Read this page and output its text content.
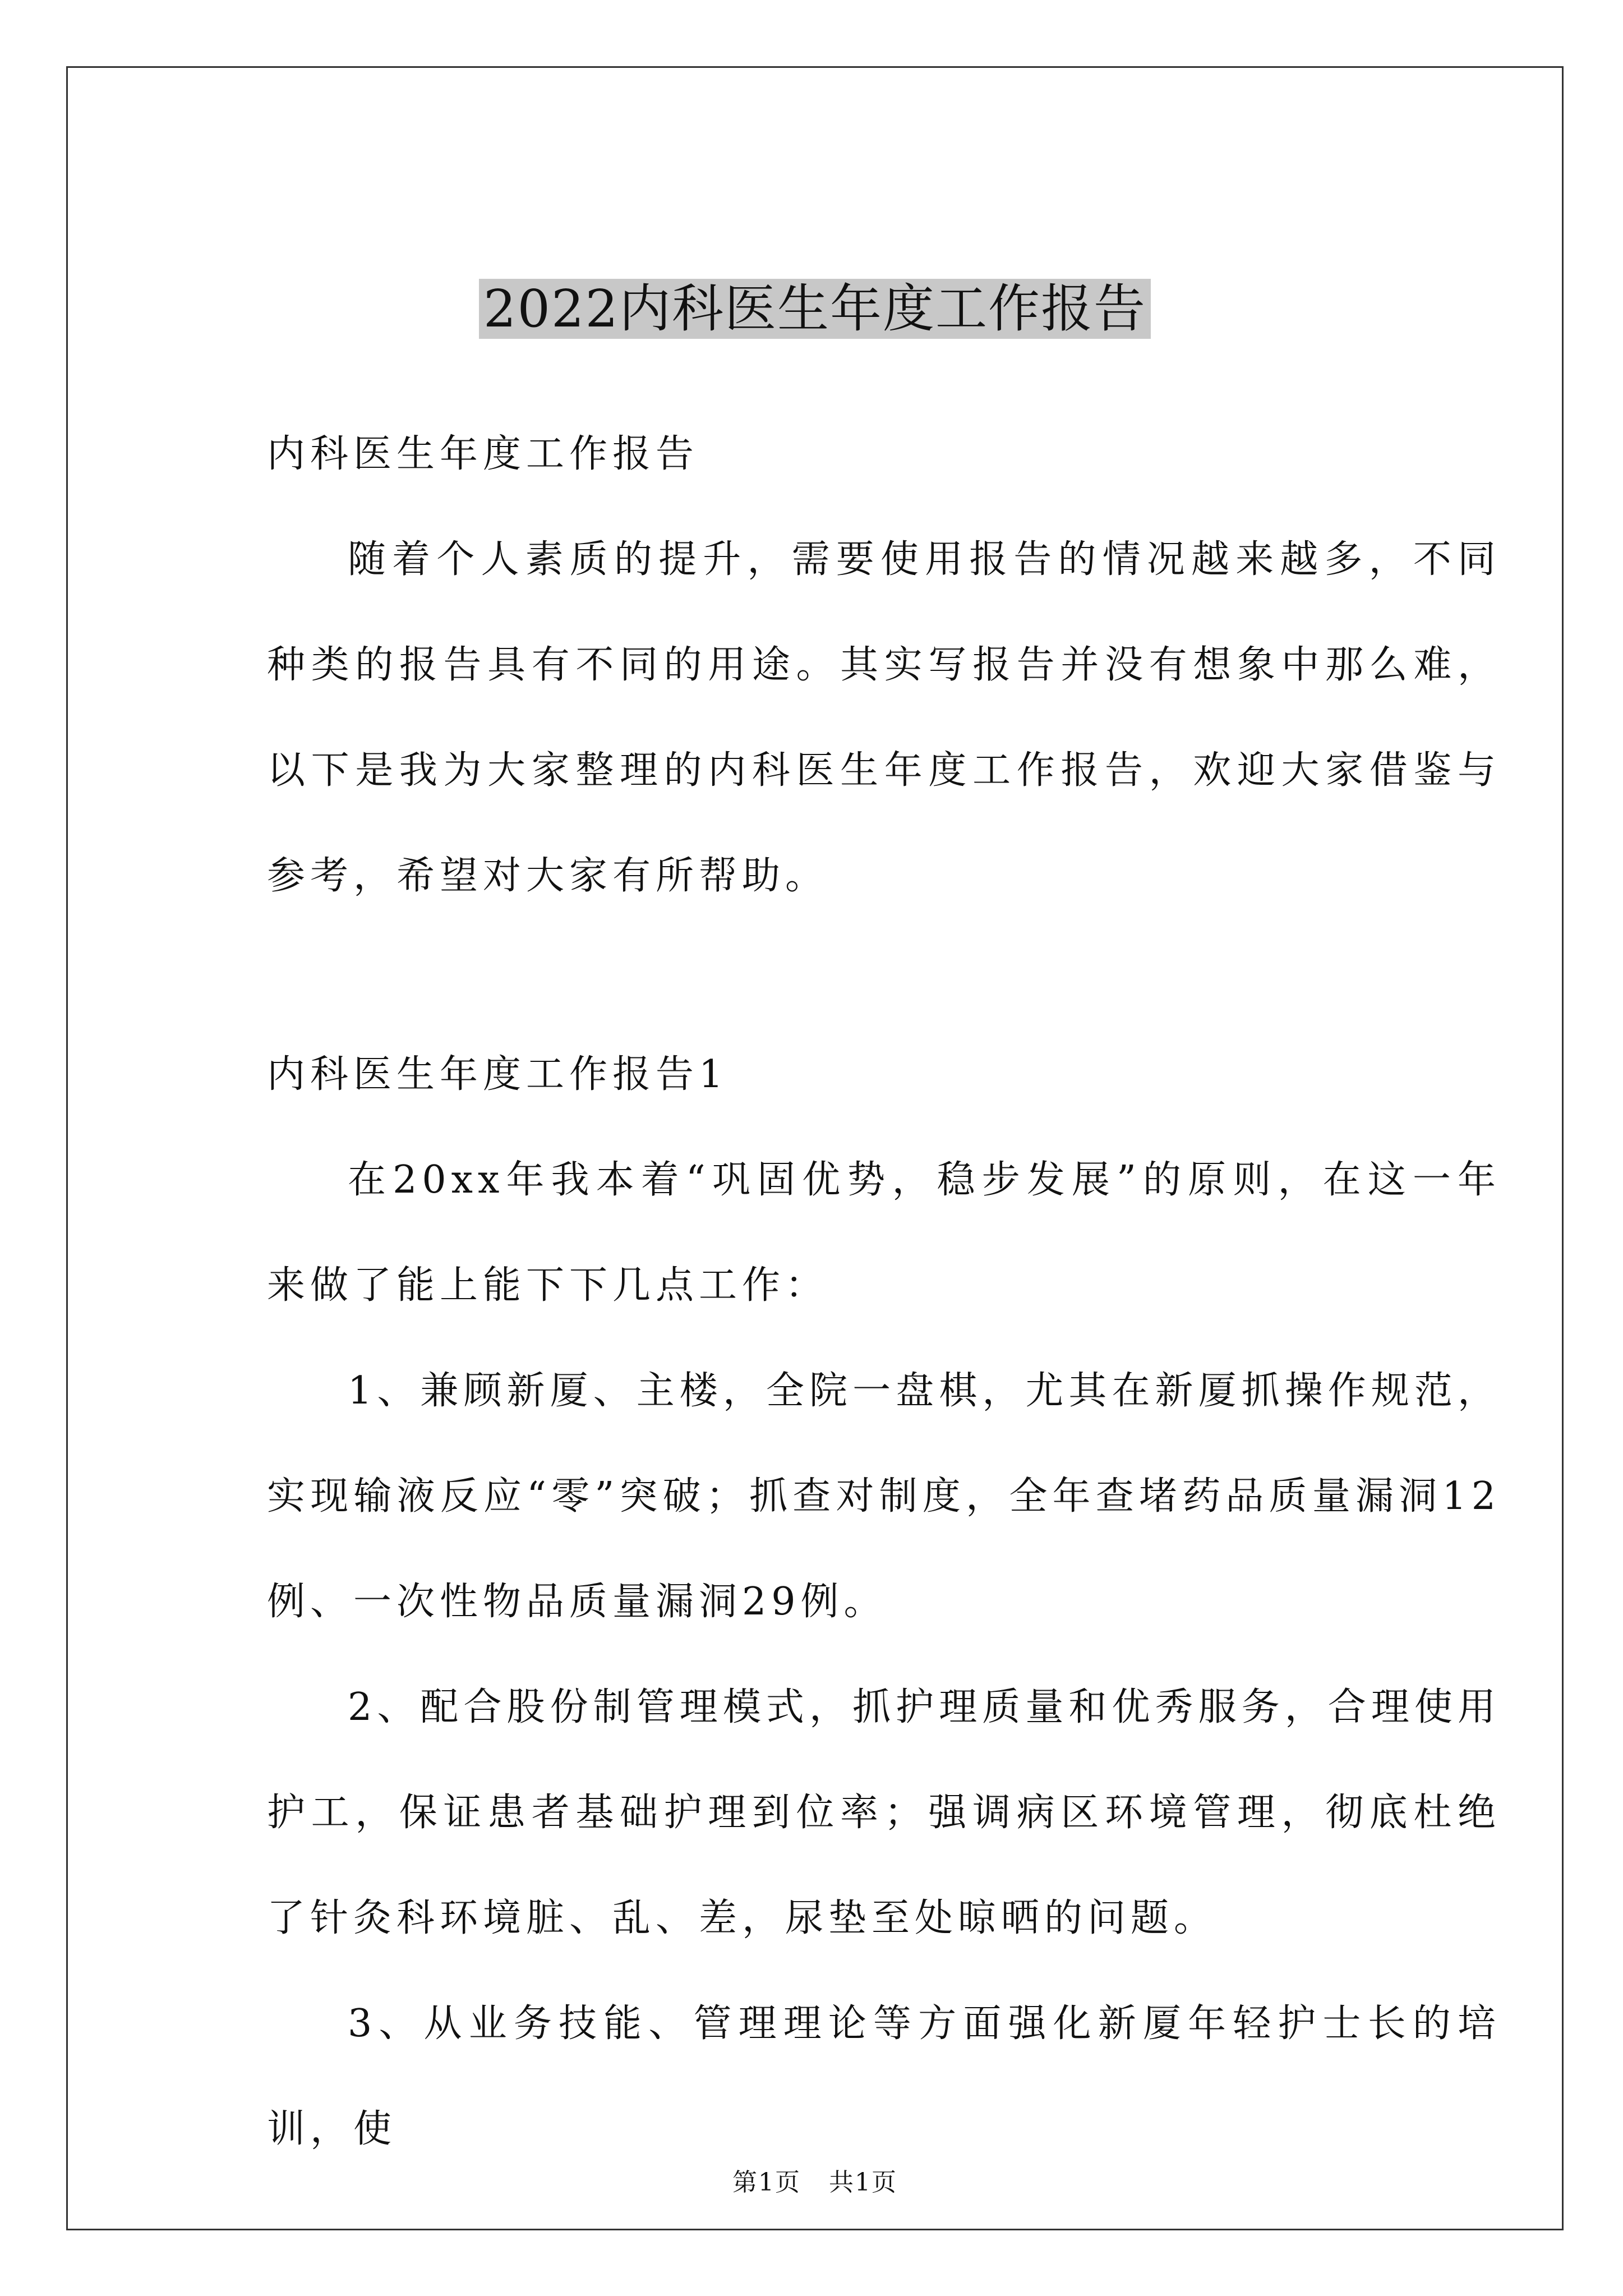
2022内科医生年度工作报告

内科医生年度工作报告

随着个人素质的提升，需要使用报告的情况越来越多，不同种类的报告具有不同的用途。其实写报告并没有想象中那么难，以下是我为大家整理的内科医生年度工作报告，欢迎大家借鉴与参考，希望对大家有所帮助。

内科医生年度工作报告1

在20xx年我本着“巩固优势，稳步发展”的原则，在这一年来做了能上能下下几点工作：

1、兼顾新厦、主楼，全院一盘棋，尤其在新厦抓操作规范，实现输液反应“零”突破；抓查对制度，全年查堵药品质量漏洞12例、一次性物品质量漏洞29例。

2、配合股份制管理模式，抓护理质量和优秀服务，合理使用护工，保证患者基础护理到位率；强调病区环境管理，彻底杜绝了针灸科环境脏、乱、差，尿垫至处晾晒的问题。

3、从业务技能、管理理论等方面强化新厦年轻护士长的培训，使

第1页 共1页
